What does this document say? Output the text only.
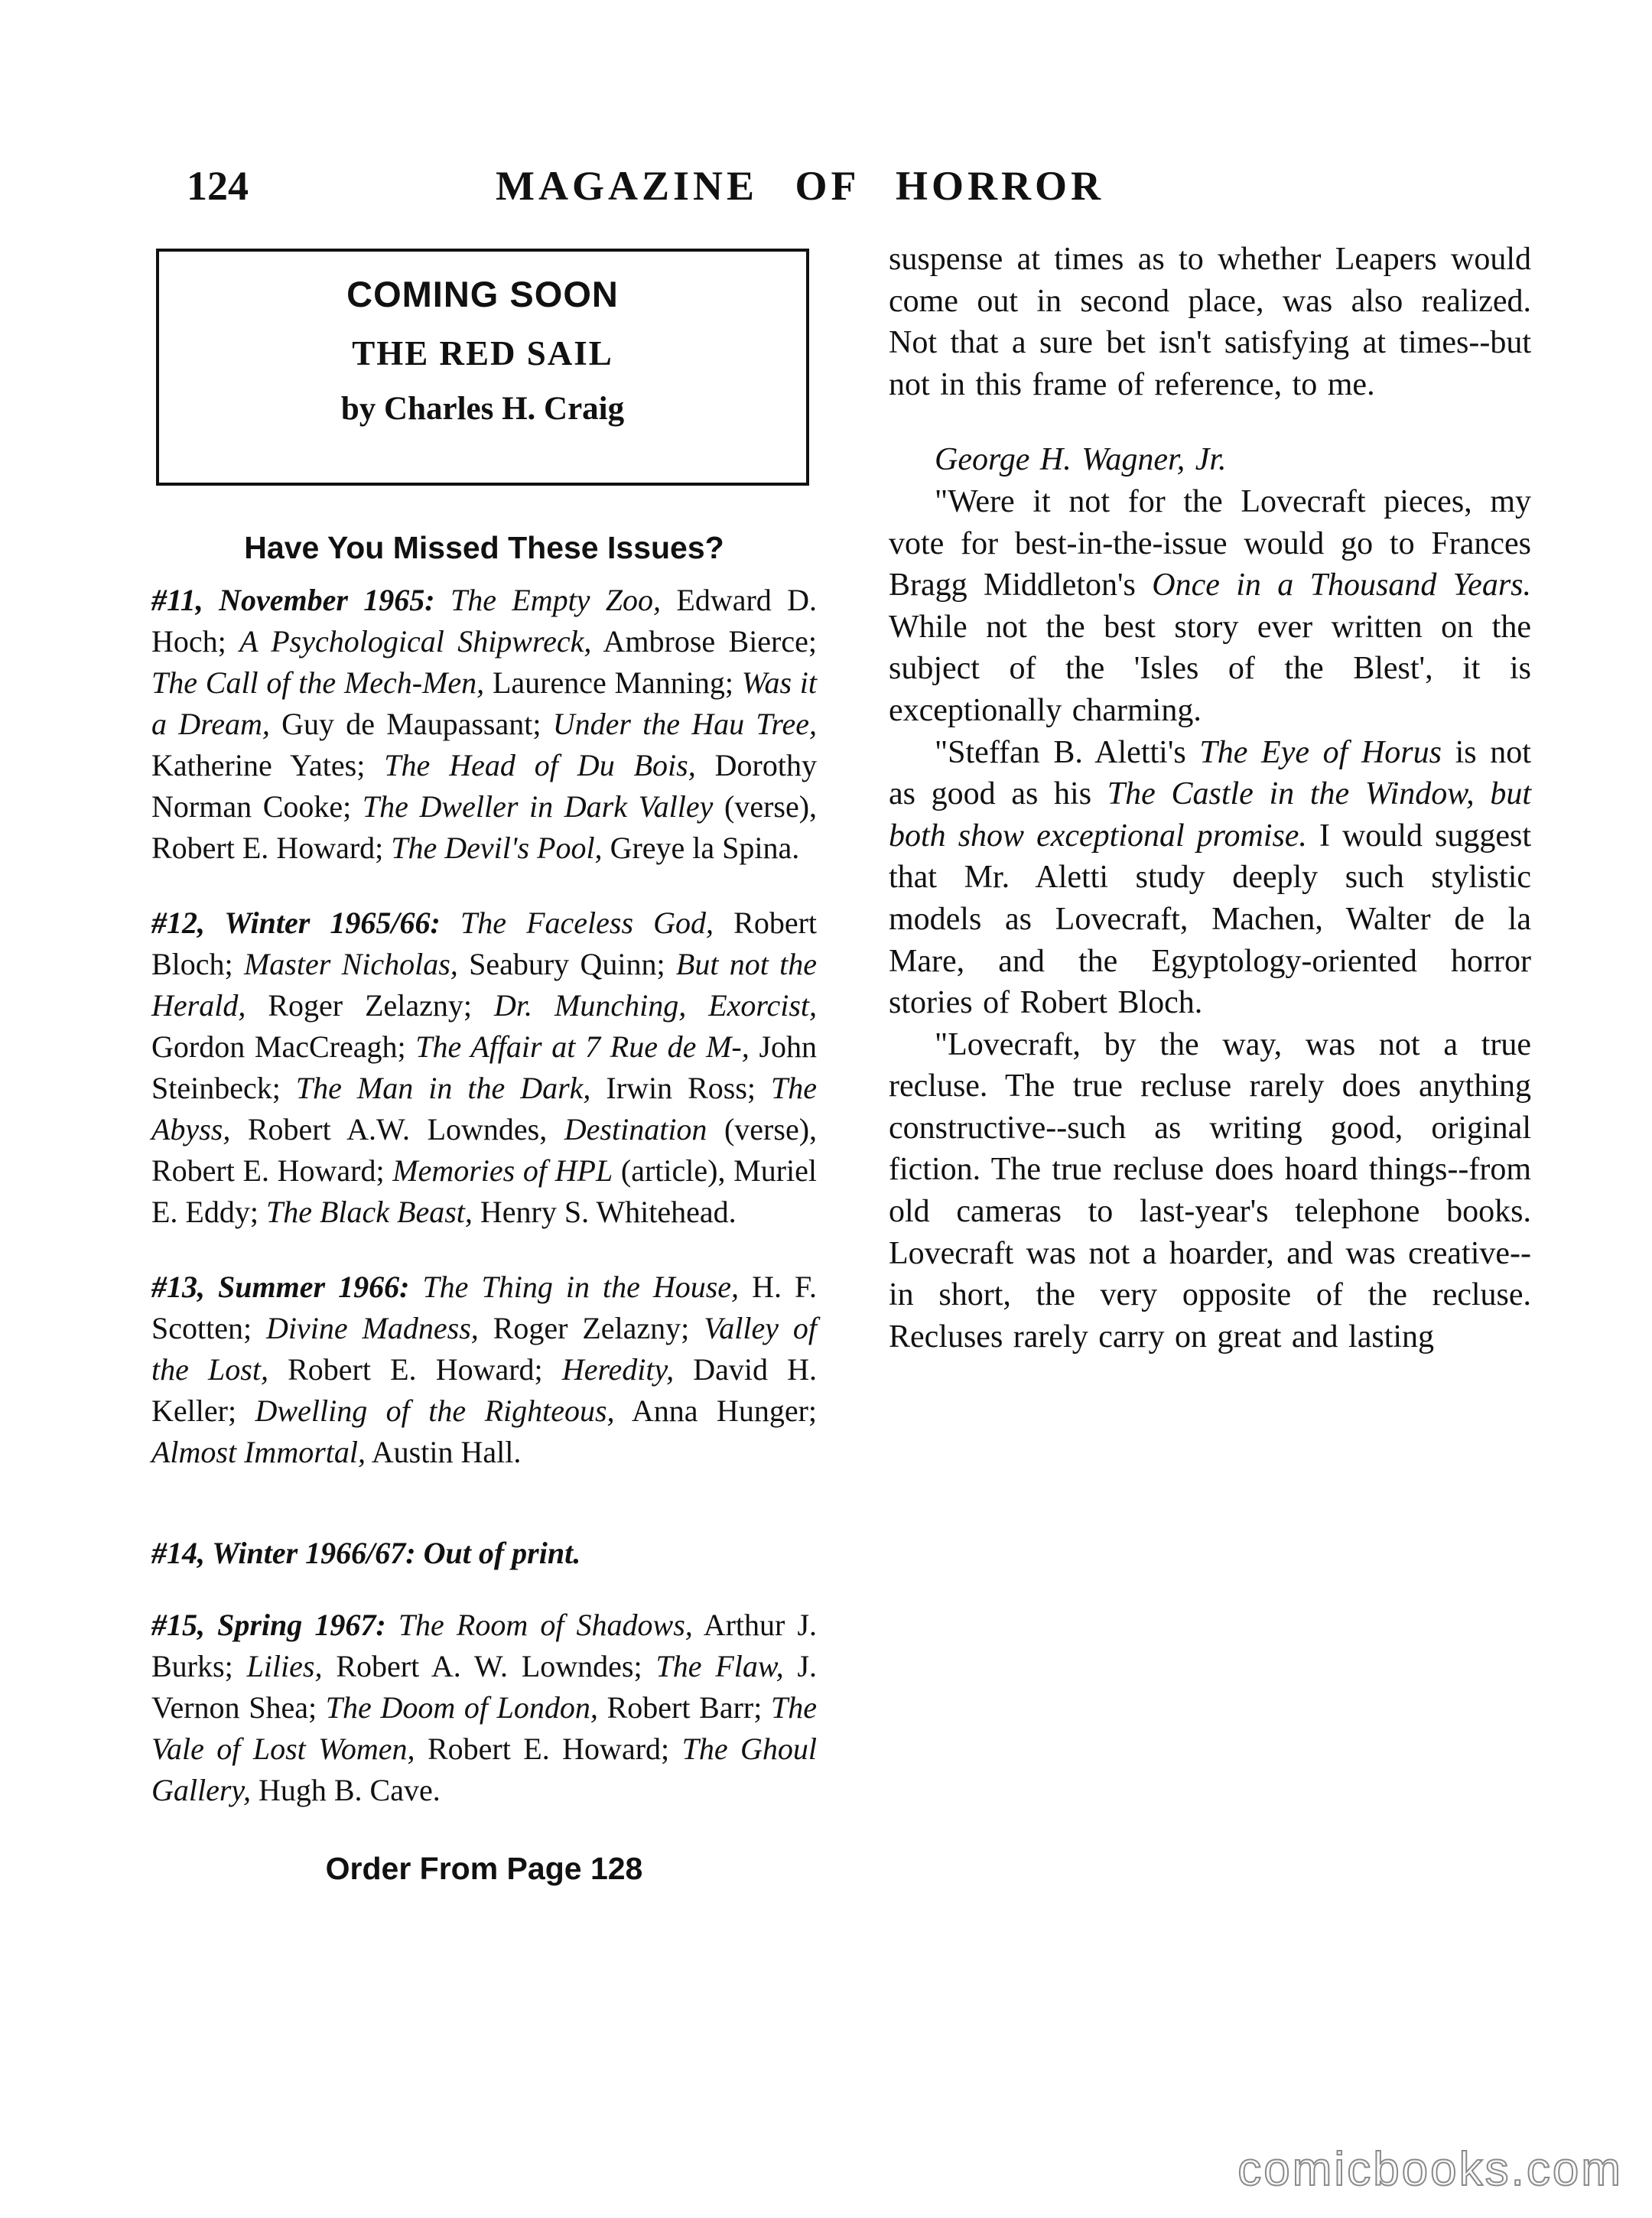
124	MAGAZINE OF HORROR
COMING SOON
THE RED SAIL
by Charles H. Craig
Have You Missed These Issues?

#11, November 1965: The Empty Zoo, Edward D. Hoch; A Psychological Shipwreck, Ambrose Bierce; The Call of the Mech-Men, Laurence Manning; Was it a Dream, Guy de Maupassant; Under the Hau Tree, Katherine Yates; The Head of Du Bois, Dorothy Norman Cooke; The Dweller in Dark Valley (verse), Robert E. Howard; The Devil's Pool, Greye la Spina.

#12, Winter 1965/66: The Faceless God, Robert Bloch; Master Nicholas, Seabury Quinn; But not the Herald, Roger Zelazny; Dr. Munching, Exorcist, Gordon MacCreagh; The Affair at 7 Rue de M-, John Steinbeck; The Man in the Dark, Irwin Ross; The Abyss, Robert A.W. Lowndes, Destination (verse), Robert E. Howard; Memories of HPL (article), Muriel E. Eddy; The Black Beast, Henry S. Whitehead.

#13, Summer 1966: The Thing in the House, H. F. Scotten; Divine Madness, Roger Zelazny; Valley of the Lost, Robert E. Howard; Heredity, David H. Keller; Dwelling of the Righteous, Anna Hunger; Almost Immortal, Austin Hall.

#14, Winter 1966/67: Out of print.

#15, Spring 1967: The Room of Shadows, Arthur J. Burks; Lilies, Robert A. W. Lowndes; The Flaw, J. Vernon Shea; The Doom of London, Robert Barr; The Vale of Lost Women, Robert E. Howard; The Ghoul Gallery, Hugh B. Cave.

Order From Page 128

suspense at times as to whether Leapers would come out in second place, was also realized. Not that a sure bet isn't satisfying at times--but not in this frame of reference, to me.

George H. Wagner, Jr.

"Were it not for the Lovecraft pieces, my vote for best-in-the-issue would go to Frances Bragg Middleton's Once in a Thousand Years. While not the best story ever written on the subject of the 'Isles of the Blest', it is exceptionally charming.

"Steffan B. Aletti's The Eye of Horus is not as good as his The Castle in the Window, but both show exceptional promise. I would suggest that Mr. Aletti study deeply such stylistic models as Lovecraft, Machen, Walter de la Mare, and the Egyptology-oriented horror stories of Robert Bloch.

"Lovecraft, by the way, was not a true recluse. The true recluse rarely does anything constructive--such as writing good, original fiction. The true recluse does hoard things--from old cameras to last-year's telephone books. Lovecraft was not a hoarder, and was creative--in short, the very opposite of the recluse. Recluses rarely carry on great and lasting

comicbooks.com
